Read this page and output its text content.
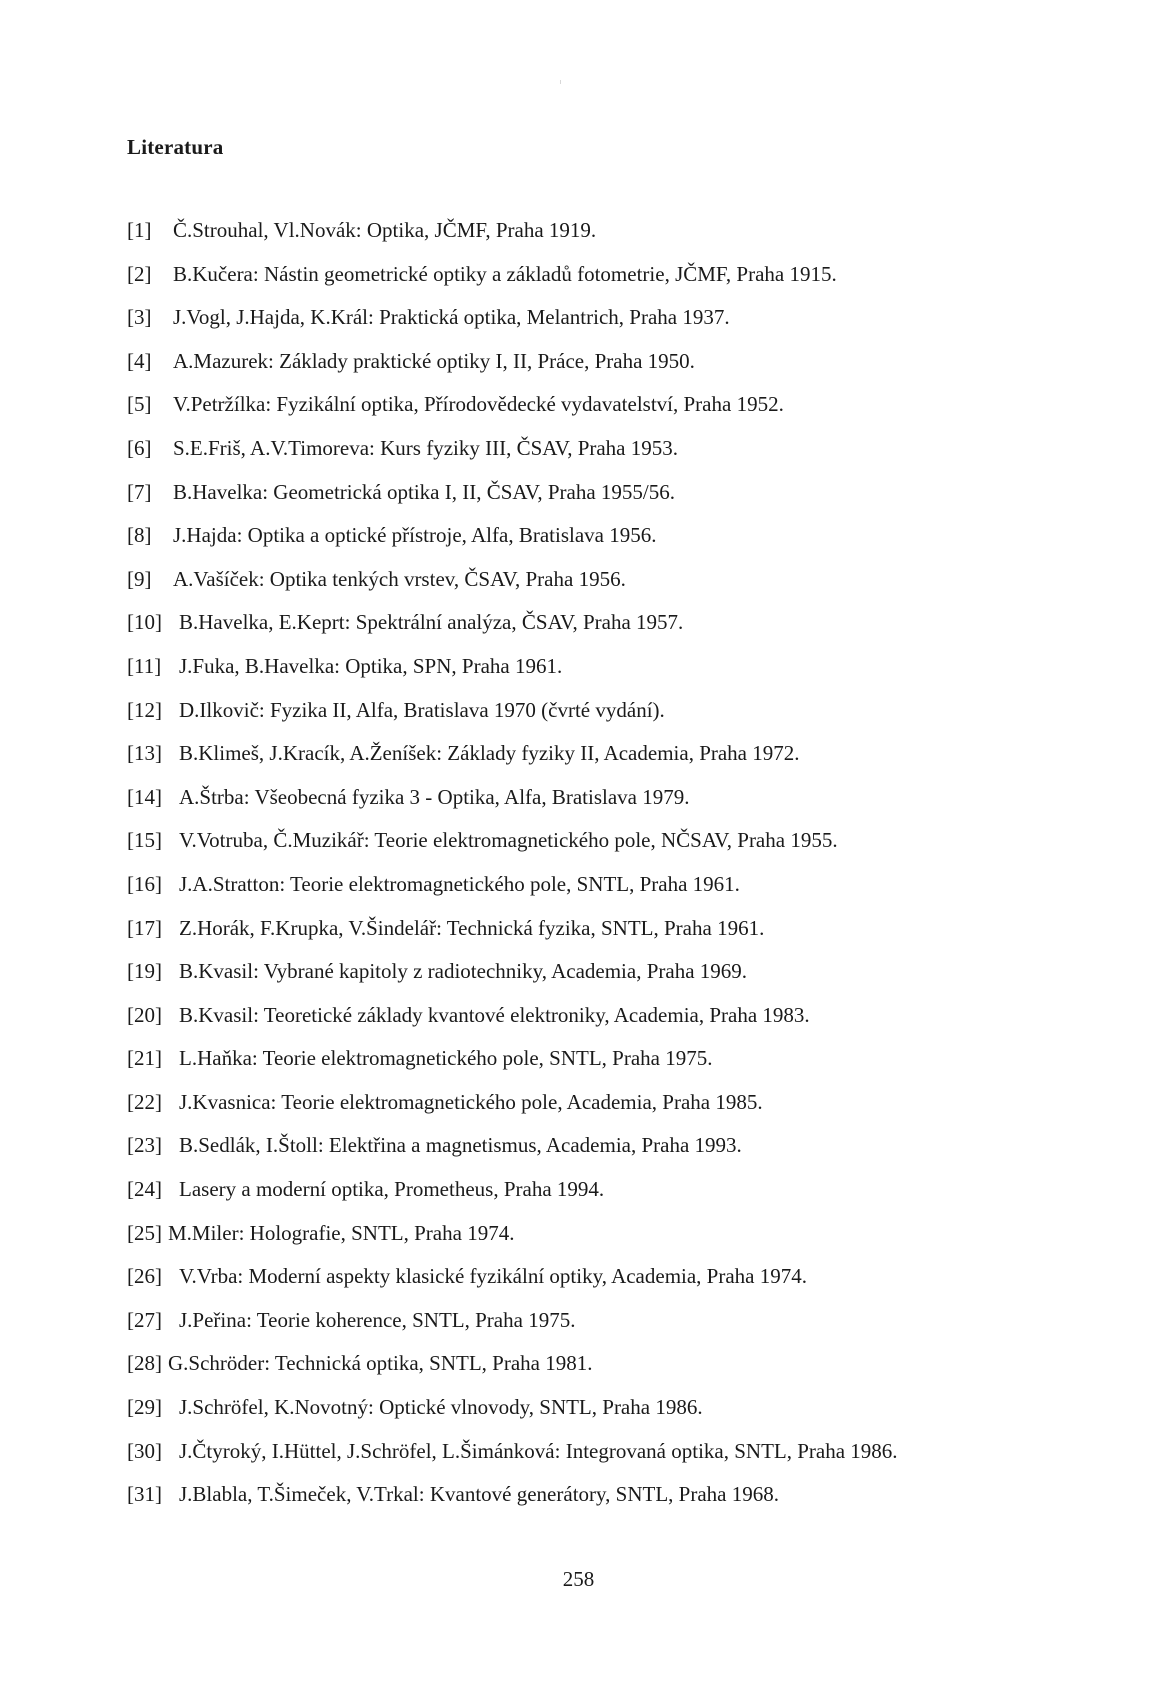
Literatura
[1]	Č.Strouhal, Vl.Novák: Optika, JČMF, Praha 1919.
[2]	B.Kučera: Nástin geometrické optiky a základů fotometrie, JČMF, Praha 1915.
[3]	J.Vogl, J.Hajda, K.Král: Praktická optika, Melantrich, Praha 1937.
[4]	A.Mazurek: Základy praktické optiky I, II, Práce, Praha 1950.
[5]	V.Petržílka: Fyzikální optika, Přírodovědecké vydavatelství, Praha 1952.
[6]	S.E.Friš, A.V.Timoreva: Kurs fyziky III, ČSAV, Praha 1953.
[7]	B.Havelka: Geometrická optika I, II, ČSAV, Praha 1955/56.
[8]	J.Hajda: Optika a optické přístroje, Alfa, Bratislava 1956.
[9]	A.Vašíček: Optika tenkých vrstev, ČSAV, Praha 1956.
[10] B.Havelka, E.Keprt: Spektrální analýza, ČSAV, Praha 1957.
[11] J.Fuka, B.Havelka: Optika, SPN, Praha 1961.
[12] D.Ilkovič: Fyzika II, Alfa, Bratislava 1970 (čvrté vydání).
[13] B.Klimeš, J.Kracík, A.Ženíšek: Základy fyziky II, Academia, Praha 1972.
[14] A.Štrba: Všeobecná fyzika 3 - Optika, Alfa, Bratislava 1979.
[15] V.Votruba, Č.Muzikář: Teorie elektromagnetického pole, NČSAV, Praha 1955.
[16] J.A.Stratton: Teorie elektromagnetického pole, SNTL, Praha 1961.
[17] Z.Horák, F.Krupka, V.Šindelář: Technická fyzika, SNTL, Praha 1961.
[19] B.Kvasil: Vybrané kapitoly z radiotechniky, Academia, Praha 1969.
[20] B.Kvasil: Teoretické základy kvantové elektroniky, Academia, Praha 1983.
[21] L.Haňka: Teorie elektromagnetického pole, SNTL, Praha 1975.
[22] J.Kvasnica: Teorie elektromagnetického pole, Academia, Praha 1985.
[23] B.Sedlák, I.Štoll: Elektřina a magnetismus, Academia, Praha 1993.
[24] Lasery a moderní optika, Prometheus, Praha 1994.
[25] M.Miler: Holografie, SNTL, Praha 1974.
[26] V.Vrba: Moderní aspekty klasické fyzikální optiky, Academia, Praha 1974.
[27] J.Peřina: Teorie koherence, SNTL, Praha 1975.
[28] G.Schröder: Technická optika, SNTL, Praha 1981.
[29] J.Schröfel, K.Novotný: Optické vlnovody, SNTL, Praha 1986.
[30] J.Čtyroký, I.Hüttel, J.Schröfel, L.Šimánková: Integrovaná optika, SNTL, Praha 1986.
[31] J.Blabla, T.Šimeček, V.Trkal: Kvantové generátory, SNTL, Praha 1968.

258
